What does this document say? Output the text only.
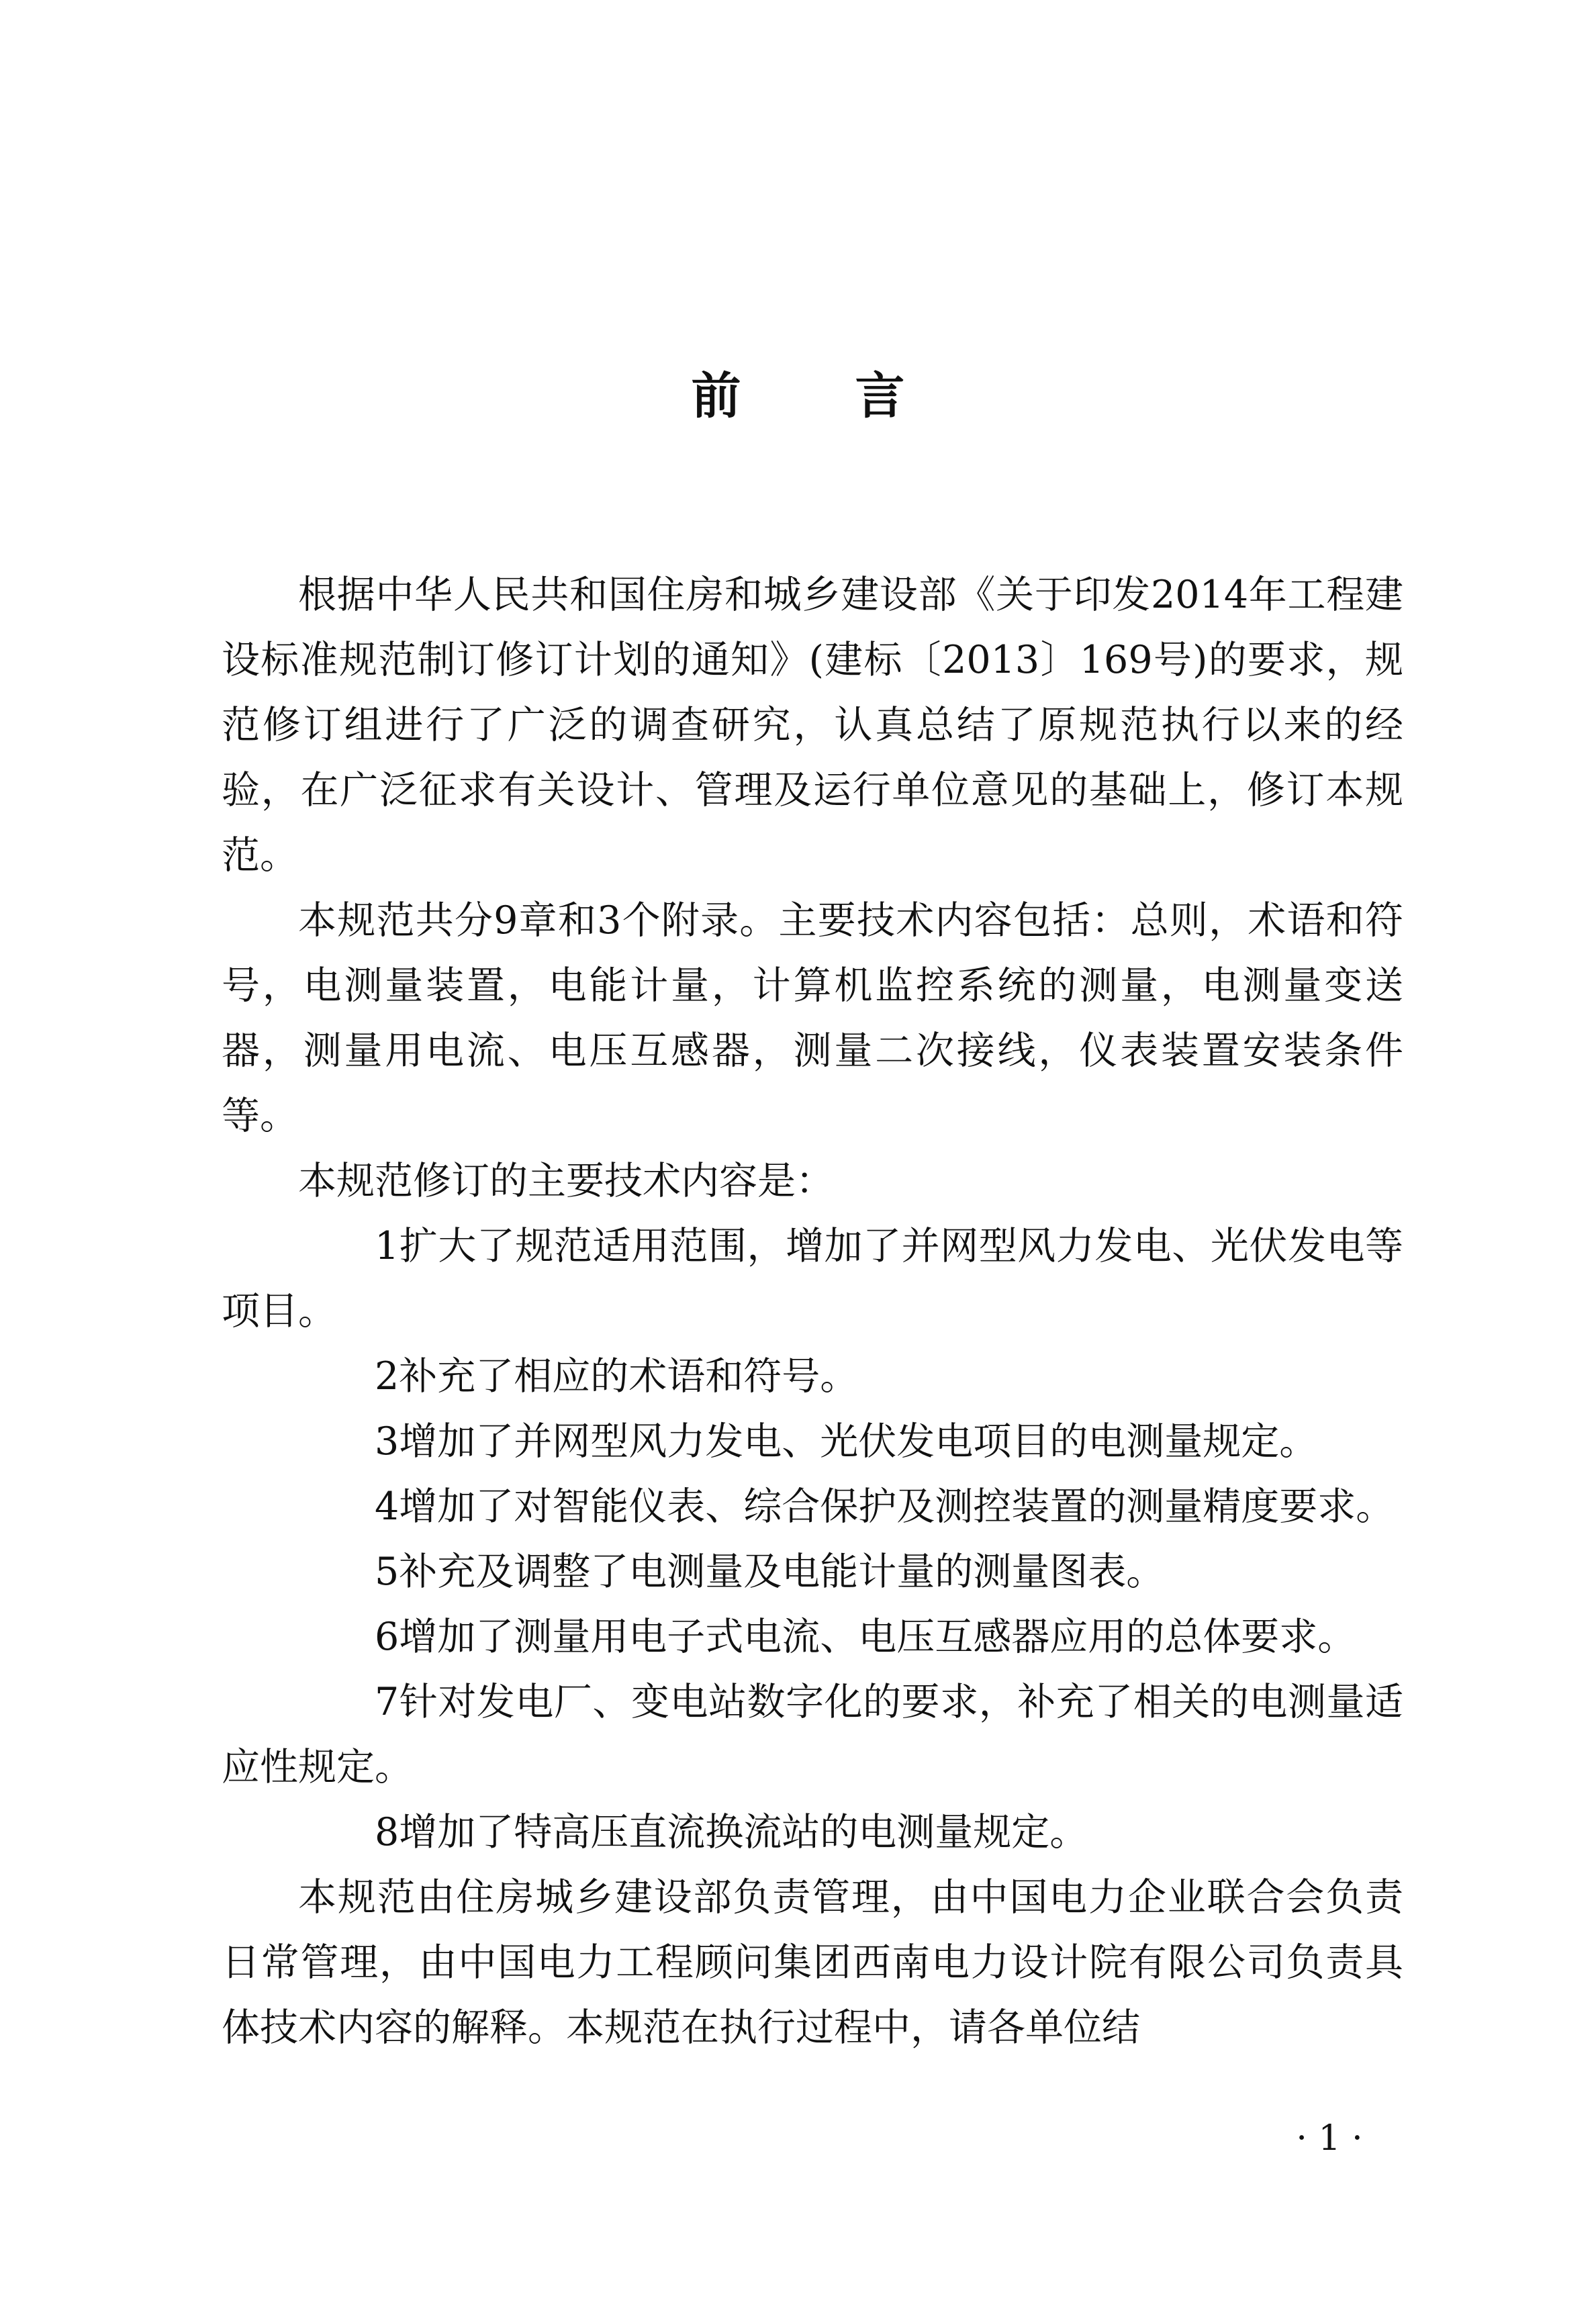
前言

根据中华人民共和国住房和城乡建设部《关于印发2014年工程建设标准规范制订修订计划的通知》(建标〔2013〕169号)的要求，规范修订组进行了广泛的调查研究，认真总结了原规范执行以来的经验，在广泛征求有关设计、管理及运行单位意见的基础上，修订本规范。

本规范共分9章和3个附录。主要技术内容包括：总则，术语和符号，电测量装置，电能计量，计算机监控系统的测量，电测量变送器，测量用电流、电压互感器，测量二次接线，仪表装置安装条件等。

本规范修订的主要技术内容是：

1扩大了规范适用范围，增加了并网型风力发电、光伏发电等项目。

2补充了相应的术语和符号。

3增加了并网型风力发电、光伏发电项目的电测量规定。

4增加了对智能仪表、综合保护及测控装置的测量精度要求。

5补充及调整了电测量及电能计量的测量图表。

6增加了测量用电子式电流、电压互感器应用的总体要求。

7针对发电厂、变电站数字化的要求，补充了相关的电测量适应性规定。

8增加了特高压直流换流站的电测量规定。

本规范由住房城乡建设部负责管理，由中国电力企业联合会负责日常管理，由中国电力工程顾问集团西南电力设计院有限公司负责具体技术内容的解释。本规范在执行过程中，请各单位结

· 1 ·
